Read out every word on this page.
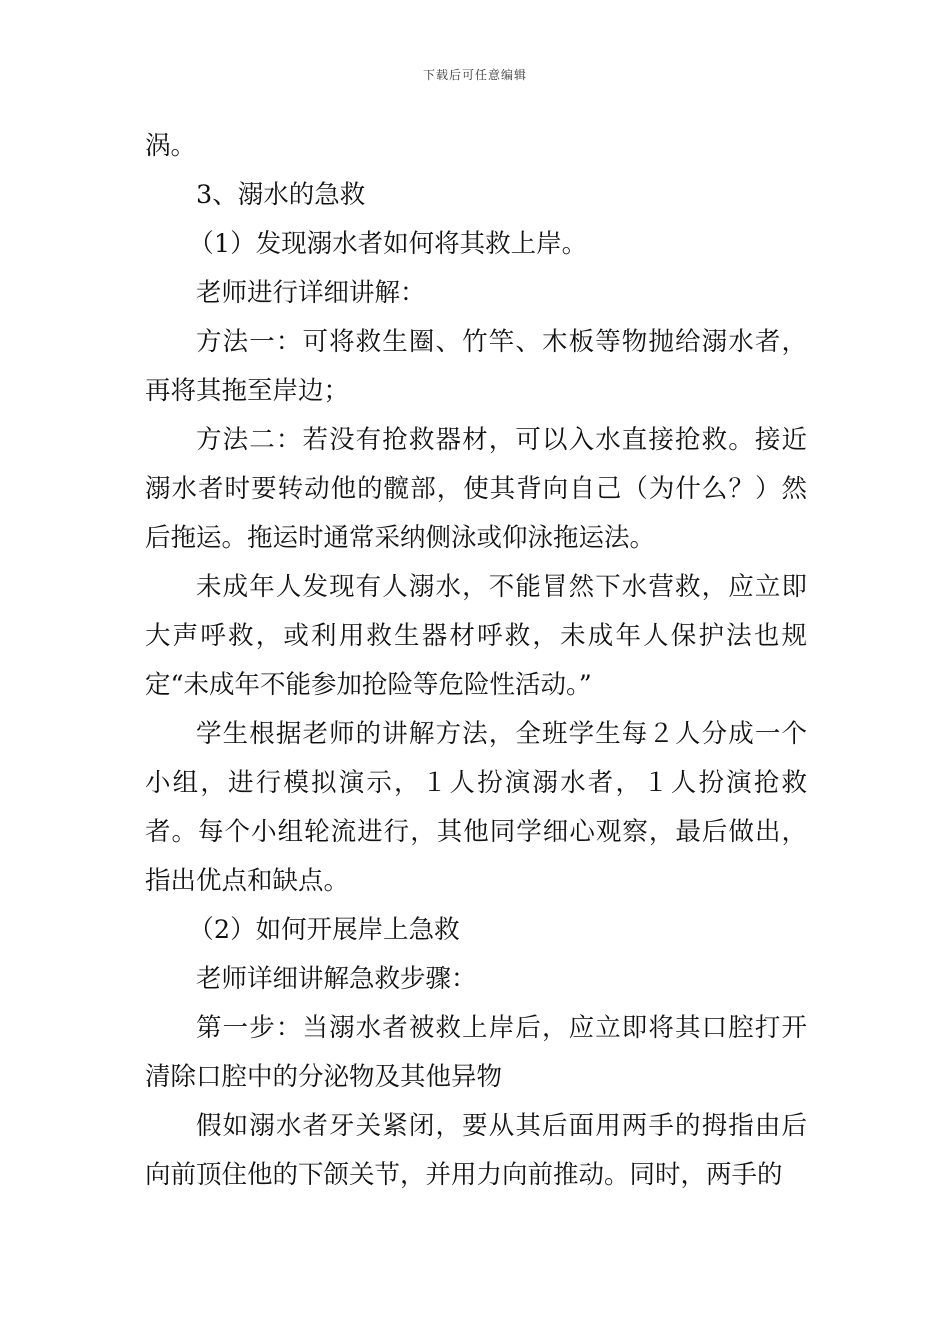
下载后可任意编辑

涡。

3、溺水的急救

（1）发现溺水者如何将其救上岸。

老师进行详细讲解：

方法一：可将救生圈、竹竿、木板等物抛给溺水者，再将其拖至岸边；

方法二：若没有抢救器材，可以入水直接抢救。接近溺水者时要转动他的髋部，使其背向自己（为什么？）然后拖运。拖运时通常采纳侧泳或仰泳拖运法。

未成年人发现有人溺水，不能冒然下水营救，应立即大声呼救，或利用救生器材呼救，未成年人保护法也规定“未成年不能参加抢险等危险性活动。”

学生根据老师的讲解方法，全班学生每２人分成一个小组，进行模拟演示，１人扮演溺水者，１人扮演抢救者。每个小组轮流进行，其他同学细心观察，最后做出，指出优点和缺点。

（2）如何开展岸上急救

老师详细讲解急救步骤：

第一步：当溺水者被救上岸后，应立即将其口腔打开清除口腔中的分泌物及其他异物

假如溺水者牙关紧闭，要从其后面用两手的拇指由后向前顶住他的下颌关节，并用力向前推动。同时，两手的
